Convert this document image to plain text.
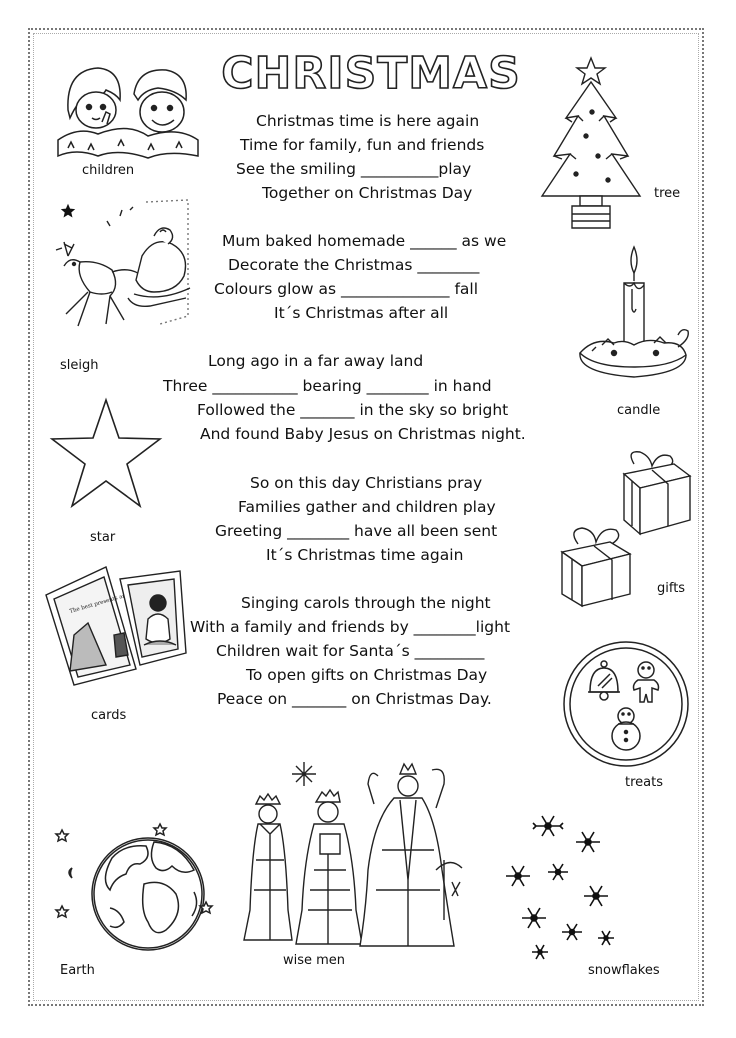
CHRISTMAS
Christmas time is here again
Time for family, fun and friends
See the smiling __________play
Together on Christmas Day
Mum baked homemade ______ as we
Decorate the Christmas ________
Colours glow as ______________ fall
It´s Christmas after all
Long ago in a far away land
Three ___________ bearing ________ in hand
Followed the _______ in the sky so bright
And found Baby Jesus on Christmas night.
So on this day Christians pray
Families gather and children play
Greeting ________ have all been sent
It´s Christmas time again
Singing carols through the night
With a family and friends by ________light
Children wait for Santa´s _________
To open gifts on Christmas Day
Peace on _______ on Christmas Day.
children
tree
sleigh
candle
star
gifts
cards
treats
Earth
wise men
snowflakes
The best presents
